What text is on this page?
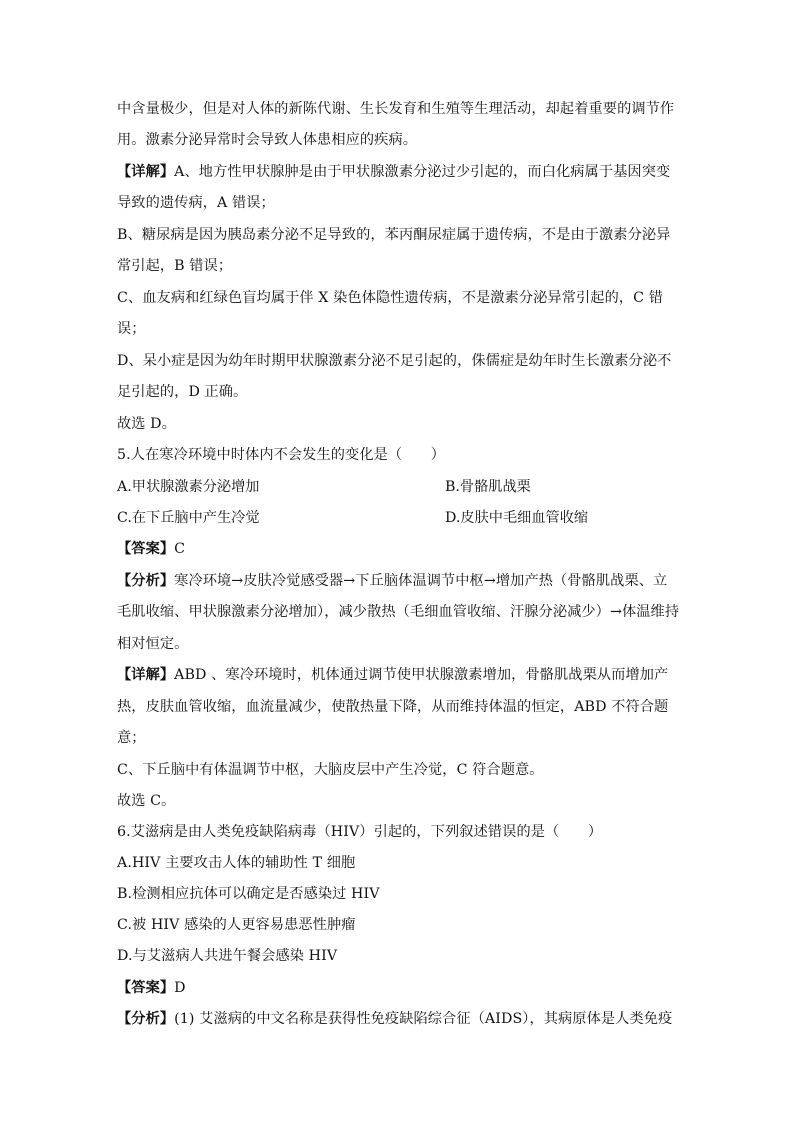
中含量极少，但是对人体的新陈代谢、生长发育和生殖等生理活动，却起着重要的调节作
用。激素分泌异常时会导致人体患相应的疾病。
【详解】A、地方性甲状腺肿是由于甲状腺激素分泌过少引起的，而白化病属于基因突变
导致的遗传病，A 错误；
B、糖尿病是因为胰岛素分泌不足导致的，苯丙酮尿症属于遗传病，不是由于激素分泌异
常引起，B 错误；
C、血友病和红绿色盲均属于伴 X 染色体隐性遗传病，不是激素分泌异常引起的，C 错
误；
D、呆小症是因为幼年时期甲状腺激素分泌不足引起的，侏儒症是幼年时生长激素分泌不
足引起的，D 正确。
故选 D。
5.人在寒冷环境中时体内不会发生的变化是（　　）
A.甲状腺激素分泌增加	B.骨骼肌战栗
C.在下丘脑中产生冷觉	D.皮肤中毛细血管收缩
【答案】C
【分析】寒冷环境→皮肤冷觉感受器→下丘脑体温调节中枢→增加产热（骨骼肌战栗、立
毛肌收缩、甲状腺激素分泌增加），减少散热（毛细血管收缩、汗腺分泌减少）→体温维持
相对恒定。
【详解】ABD 、寒冷环境时，机体通过调节使甲状腺激素增加，骨骼肌战栗从而增加产
热，皮肤血管收缩，血流量减少，使散热量下降，从而维持体温的恒定，ABD 不符合题
意；
C、下丘脑中有体温调节中枢，大脑皮层中产生冷觉，C 符合题意。
故选 C。
6.艾滋病是由人类免疫缺陷病毒（HIV）引起的，下列叙述错误的是（　　）
A.HIV 主要攻击人体的辅助性 T 细胞
B.检测相应抗体可以确定是否感染过 HIV
C.被 HIV 感染的人更容易患恶性肿瘤
D.与艾滋病人共进午餐会感染 HIV
【答案】D
【分析】(1) 艾滋病的中文名称是获得性免疫缺陷综合征（AIDS），其病原体是人类免疫
